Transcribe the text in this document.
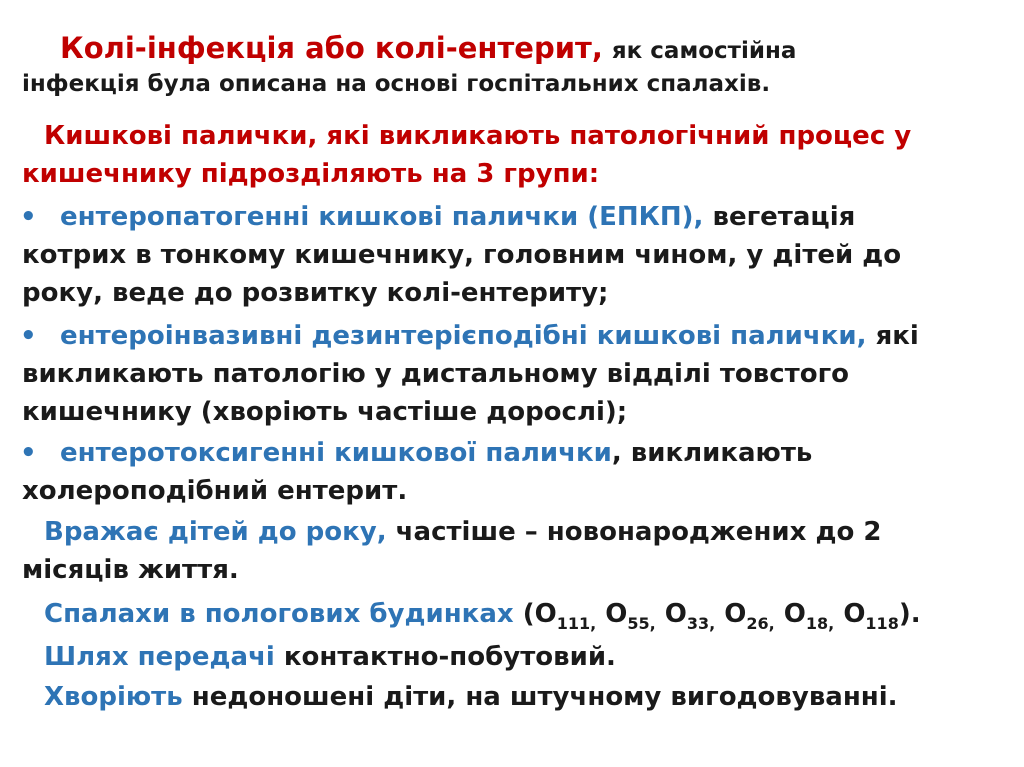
Колі-інфекція або колі-ентерит, як самостійна
інфекція була описана на основі госпітальних спалахів.
Кишкові палички, які викликають патологічний процес у
кишечнику підрозділяють на 3 групи:
• ентеропатогенні кишкові палички (ЕПКП), вегетація
котрих в тонкому кишечнику, головним чином, у дітей до
року, веде до розвитку колі-ентериту;
• ентероінвазивні дезинтерієподібні кишкові палички, які
викликають патологію у дистальному відділі товстого
кишечнику (хворіють частіше дорослі);
• ентеротоксигенні кишкової палички, викликають
холероподібний ентерит.
Вражає дітей до року, частіше – новонароджених до 2
місяців життя.
Спалахи в пологових будинках ($О_{111,}$ $О_{55,}$ $О_{33,}$ $О_{26,}$ $О_{18,}$ $О_{118}$).
Шлях передачі контактно-побутовий.
Хворіють недоношені діти, на штучному вигодовуванні.
